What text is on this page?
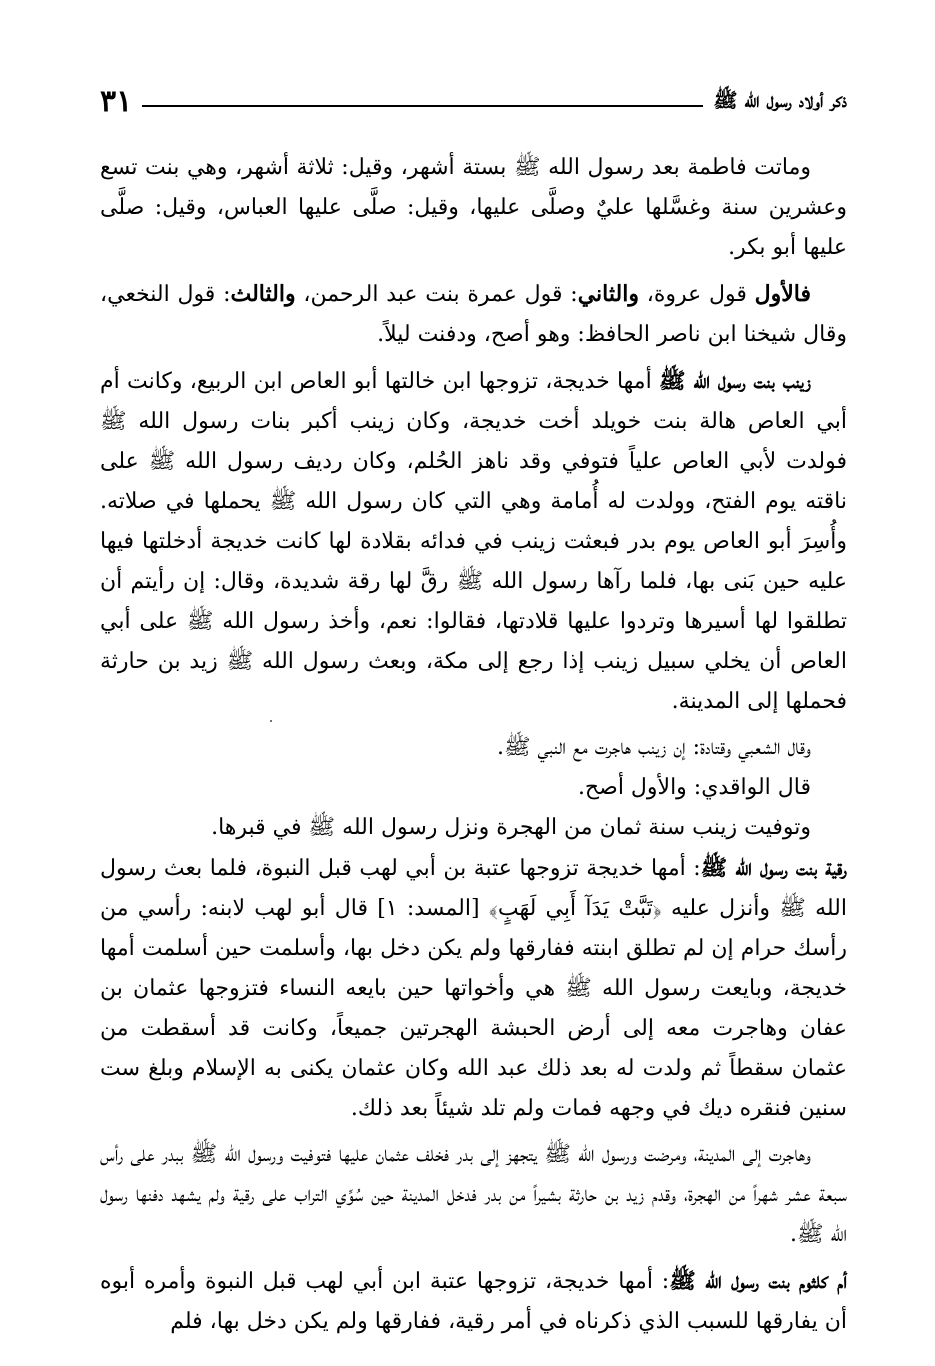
ذكر أولاد رسول الله ﷺ
٣١

وماتت فاطمة بعد رسول الله ﷺ بستة أشهر، وقيل: ثلاثة أشهر، وهي بنت تسع وعشرين سنة وغسَّلها عليٌ وصلَّى عليها، وقيل: صلَّى عليها العباس، وقيل: صلَّى عليها أبو بكر.

فالأول قول عروة، والثاني: قول عمرة بنت عبد الرحمن، والثالث: قول النخعي، وقال شيخنا ابن ناصر الحافظ: وهو أصح، ودفنت ليلاً.

زينب بنت رسول الله ﷺ أمها خديجة، تزوجها ابن خالتها أبو العاص ابن الربيع، وكانت أم أبي العاص هالة بنت خويلد أخت خديجة، وكان زينب أكبر بنات رسول الله ﷺ فولدت لأبي العاص علياً فتوفي وقد ناهز الحُلم، وكان رديف رسول الله ﷺ على ناقته يوم الفتح، وولدت له أُمامة وهي التي كان رسول الله ﷺ يحملها في صلاته. وأُسِرَ أبو العاص يوم بدر فبعثت زينب في فدائه بقلادة لها كانت خديجة أدخلتها فيها عليه حين بَنى بها، فلما رآها رسول الله ﷺ رقَّ لها رقة شديدة، وقال: إن رأيتم أن تطلقوا لها أسيرها وتردوا عليها قلادتها، فقالوا: نعم، وأخذ رسول الله ﷺ على أبي العاص أن يخلي سبيل زينب إذا رجع إلى مكة، وبعث رسول الله ﷺ زيد بن حارثة فحملها إلى المدينة.

وقال الشعبي وقتادة: إن زينب هاجرت مع النبي ﷺ.

قال الواقدي: والأول أصح.

وتوفيت زينب سنة ثمان من الهجرة ونزل رسول الله ﷺ في قبرها.

رقية بنت رسول الله ﷺ: أمها خديجة تزوجها عتبة بن أبي لهب قبل النبوة، فلما بعث رسول الله ﷺ وأنزل عليه ﴿تَبَّتْ يَدَآ أَبِي لَهَبٍ﴾ [المسد: ١] قال أبو لهب لابنه: رأسي من رأسك حرام إن لم تطلق ابنته ففارقها ولم يكن دخل بها، وأسلمت حين أسلمت أمها خديجة، وبايعت رسول الله ﷺ هي وأخواتها حين بايعه النساء فتزوجها عثمان بن عفان وهاجرت معه إلى أرض الحبشة الهجرتين جميعاً، وكانت قد أسقطت من عثمان سقطاً ثم ولدت له بعد ذلك عبد الله وكان عثمان يكنى به الإسلام وبلغ ست سنين فنقره ديك في وجهه فمات ولم تلد شيئاً بعد ذلك.

وهاجرت إلى المدينة، ومرضت ورسول الله ﷺ يتجهز إلى بدر فخلف عثمان عليها فتوفيت ورسول الله ﷺ ببدر على رأس سبعة عشر شهراً من الهجرة، وقدم زيد بن حارثة بشيراً من بدر فدخل المدينة حين سُوِّي التراب على رقية ولم يشهد دفنها رسول الله ﷺ.

أم كلثوم بنت رسول الله ﷺ: أمها خديجة، تزوجها عتبة ابن أبي لهب قبل النبوة وأمره أبوه أن يفارقها للسبب الذي ذكرناه في أمر رقية، ففارقها ولم يكن دخل بها، فلم
